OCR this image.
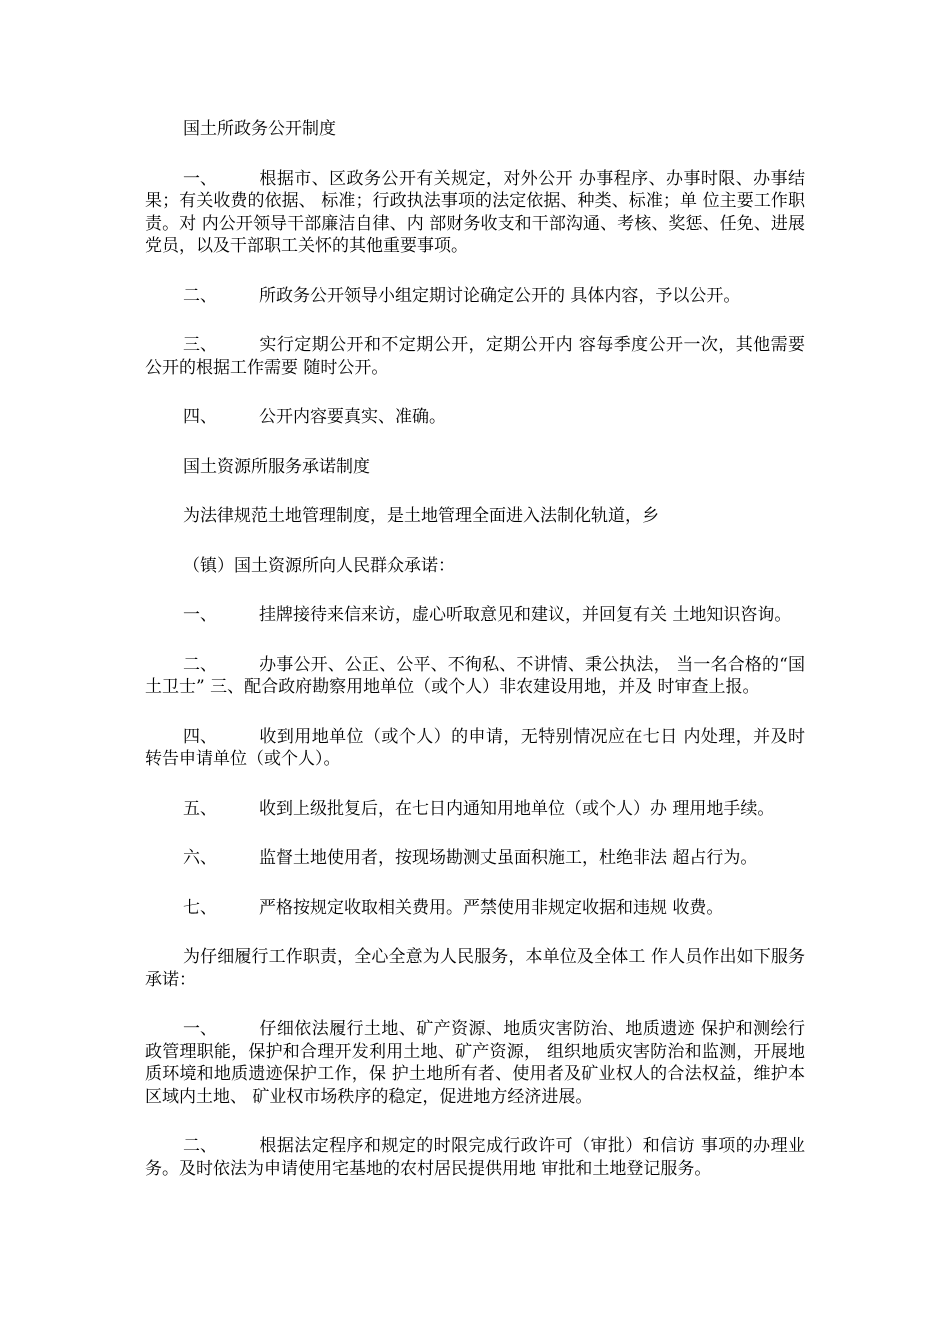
国土所政务公开制度

一、 根据市、区政务公开有关规定，对外公开 办事程序、办事时限、办事结果；有关收费的依据、 标准；行政执法事项的法定依据、种类、标准；单 位主要工作职责。对 内公开领导干部廉洁自律、内 部财务收支和干部沟通、考核、奖惩、任免、进展 党员，以及干部职工关怀的其他重要事项。

二、 所政务公开领导小组定期讨论确定公开的 具体内容，予以公开。

三、 实行定期公开和不定期公开，定期公开内 容每季度公开一次，其他需要公开的根据工作需要 随时公开。

四、 公开内容要真实、准确。

国土资源所服务承诺制度

为法律规范土地管理制度，是土地管理全面进入法制化轨道，乡

（镇）国土资源所向人民群众承诺：

一、 挂牌接待来信来访，虚心听取意见和建议，并回复有关 土地知识咨询。

二、 办事公开、公正、公平、不徇私、不讲情、秉公执法， 当一名合格的“国土卫士” 三、配合政府勘察用地单位（或个人）非农建设用地，并及 时审查上报。

四、 收到用地单位（或个人）的申请，无特别情况应在七日 内处理，并及时转告申请单位（或个人）。

五、 收到上级批复后，在七日内通知用地单位（或个人）办 理用地手续。

六、 监督土地使用者，按现场勘测丈虽面积施工，杜绝非法 超占行为。

七、 严格按规定收取相关费用。严禁使用非规定收据和违规 收费。

为仔细履行工作职责，全心全意为人民服务，本单位及全体工 作人员作出如下服务承诺：

一、 仔细依法履行土地、矿产资源、地质灾害防治、地质遗迹 保护和测绘行政管理职能，保护和合理开发利用土地、矿产资源， 组织地质灾害防治和监测，开展地质环境和地质遗迹保护工作，保 护土地所有者、使用者及矿业权人的合法权益，维护本区域内土地、 矿业权市场秩序的稳定，促进地方经济进展。

二、 根据法定程序和规定的时限完成行政许可（审批）和信访 事项的办理业务。及时依法为申请使用宅基地的农村居民提供用地 审批和土地登记服务。
